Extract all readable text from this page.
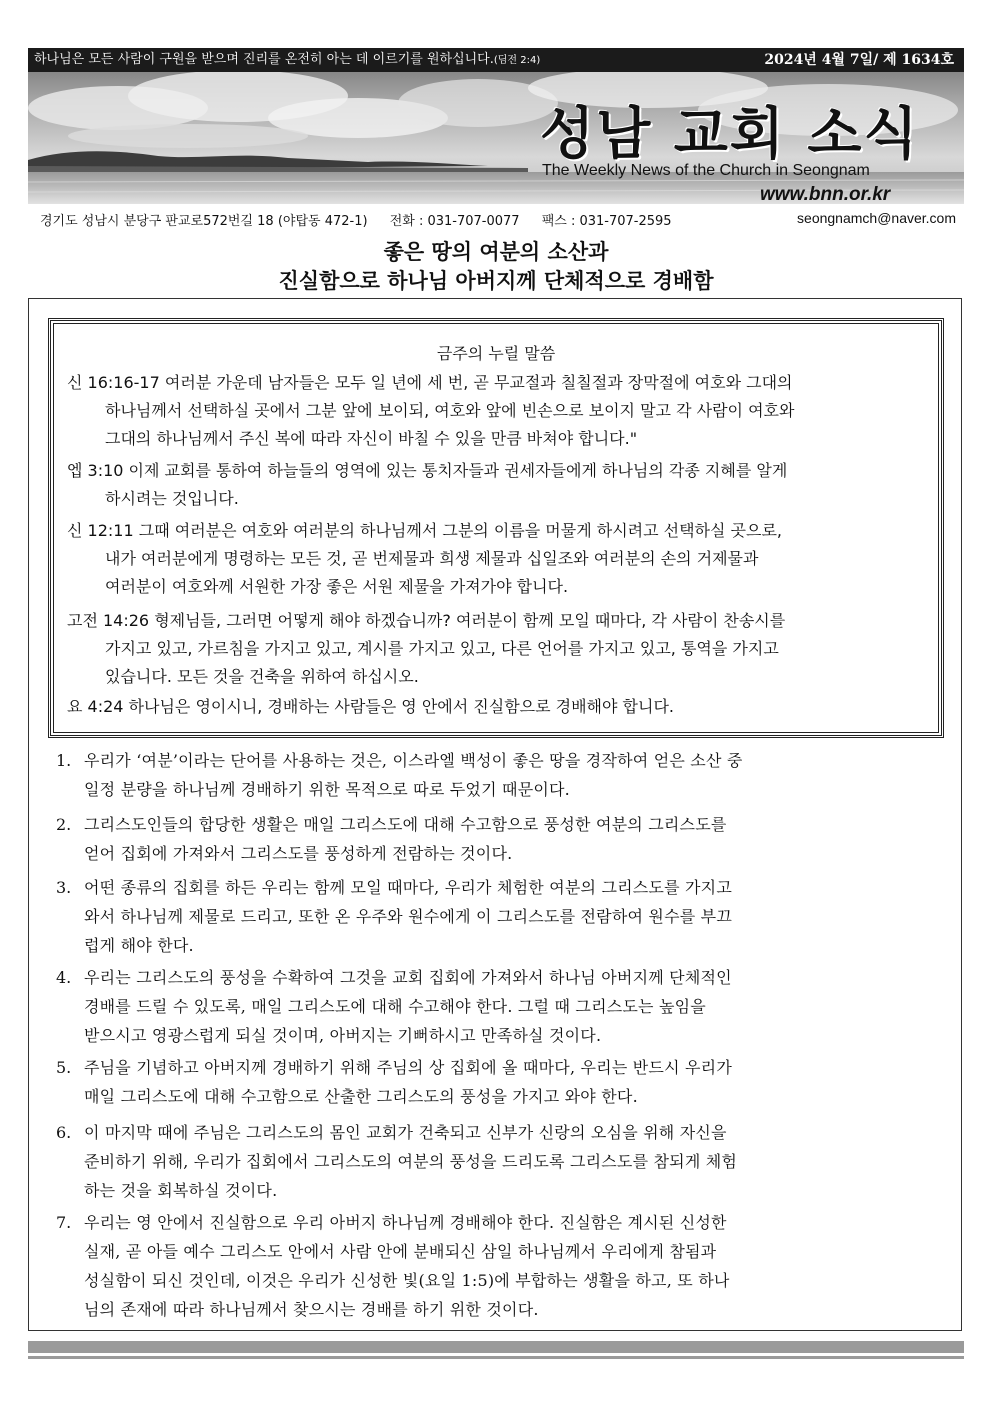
하나님은 모든 사람이 구원을 받으며 진리를 온전히 아는 데 이르기를 원하십니다.(딤전 2:4)	2024년 4월 7일/ 제 1634호
성남 교회 소식
The Weekly News of the Church in Seongnam
www.bnn.or.kr
경기도 성남시 분당구 판교로572번길 18 (야탑동 472-1) 전화 : 031-707-0077 팩스 : 031-707-2595	seongnamch@naver.com
좋은 땅의 여분의 소산과
진실함으로 하나님 아버지께 단체적으로 경배함
금주의 누릴 말씀
신 16:16-17 여러분 가운데 남자들은 모두 일 년에 세 번, 곧 무교절과 칠칠절과 장막절에 여호와 그대의
하나님께서 선택하실 곳에서 그분 앞에 보이되, 여호와 앞에 빈손으로 보이지 말고 각 사람이 여호와
그대의 하나님께서 주신 복에 따라 자신이 바칠 수 있을 만큼 바쳐야 합니다."
엡 3:10 이제 교회를 통하여 하늘들의 영역에 있는 통치자들과 권세자들에게 하나님의 각종 지혜를 알게
하시려는 것입니다.
신 12:11 그때 여러분은 여호와 여러분의 하나님께서 그분의 이름을 머물게 하시려고 선택하실 곳으로,
내가 여러분에게 명령하는 모든 것, 곧 번제물과 희생 제물과 십일조와 여러분의 손의 거제물과
여러분이 여호와께 서원한 가장 좋은 서원 제물을 가져가야 합니다.
고전 14:26 형제님들, 그러면 어떻게 해야 하겠습니까? 여러분이 함께 모일 때마다, 각 사람이 찬송시를
가지고 있고, 가르침을 가지고 있고, 계시를 가지고 있고, 다른 언어를 가지고 있고, 통역을 가지고
있습니다. 모든 것을 건축을 위하여 하십시오.
요 4:24 하나님은 영이시니, 경배하는 사람들은 영 안에서 진실함으로 경배해야 합니다.
1. 우리가 ‘여분’이라는 단어를 사용하는 것은, 이스라엘 백성이 좋은 땅을 경작하여 얻은 소산 중
일정 분량을 하나님께 경배하기 위한 목적으로 따로 두었기 때문이다.
2. 그리스도인들의 합당한 생활은 매일 그리스도에 대해 수고함으로 풍성한 여분의 그리스도를
얻어 집회에 가져와서 그리스도를 풍성하게 전람하는 것이다.
3. 어떤 종류의 집회를 하든 우리는 함께 모일 때마다, 우리가 체험한 여분의 그리스도를 가지고
와서 하나님께 제물로 드리고, 또한 온 우주와 원수에게 이 그리스도를 전람하여 원수를 부끄
럽게 해야 한다.
4. 우리는 그리스도의 풍성을 수확하여 그것을 교회 집회에 가져와서 하나님 아버지께 단체적인
경배를 드릴 수 있도록, 매일 그리스도에 대해 수고해야 한다. 그럴 때 그리스도는 높임을
받으시고 영광스럽게 되실 것이며, 아버지는 기뻐하시고 만족하실 것이다.
5. 주님을 기념하고 아버지께 경배하기 위해 주님의 상 집회에 올 때마다, 우리는 반드시 우리가
매일 그리스도에 대해 수고함으로 산출한 그리스도의 풍성을 가지고 와야 한다.
6. 이 마지막 때에 주님은 그리스도의 몸인 교회가 건축되고 신부가 신랑의 오심을 위해 자신을
준비하기 위해, 우리가 집회에서 그리스도의 여분의 풍성을 드리도록 그리스도를 참되게 체험
하는 것을 회복하실 것이다.
7. 우리는 영 안에서 진실함으로 우리 아버지 하나님께 경배해야 한다. 진실함은 계시된 신성한
실재, 곧 아들 예수 그리스도 안에서 사람 안에 분배되신 삼일 하나님께서 우리에게 참됨과
성실함이 되신 것인데, 이것은 우리가 신성한 빛(요일 1:5)에 부합하는 생활을 하고, 또 하나
님의 존재에 따라 하나님께서 찾으시는 경배를 하기 위한 것이다.
